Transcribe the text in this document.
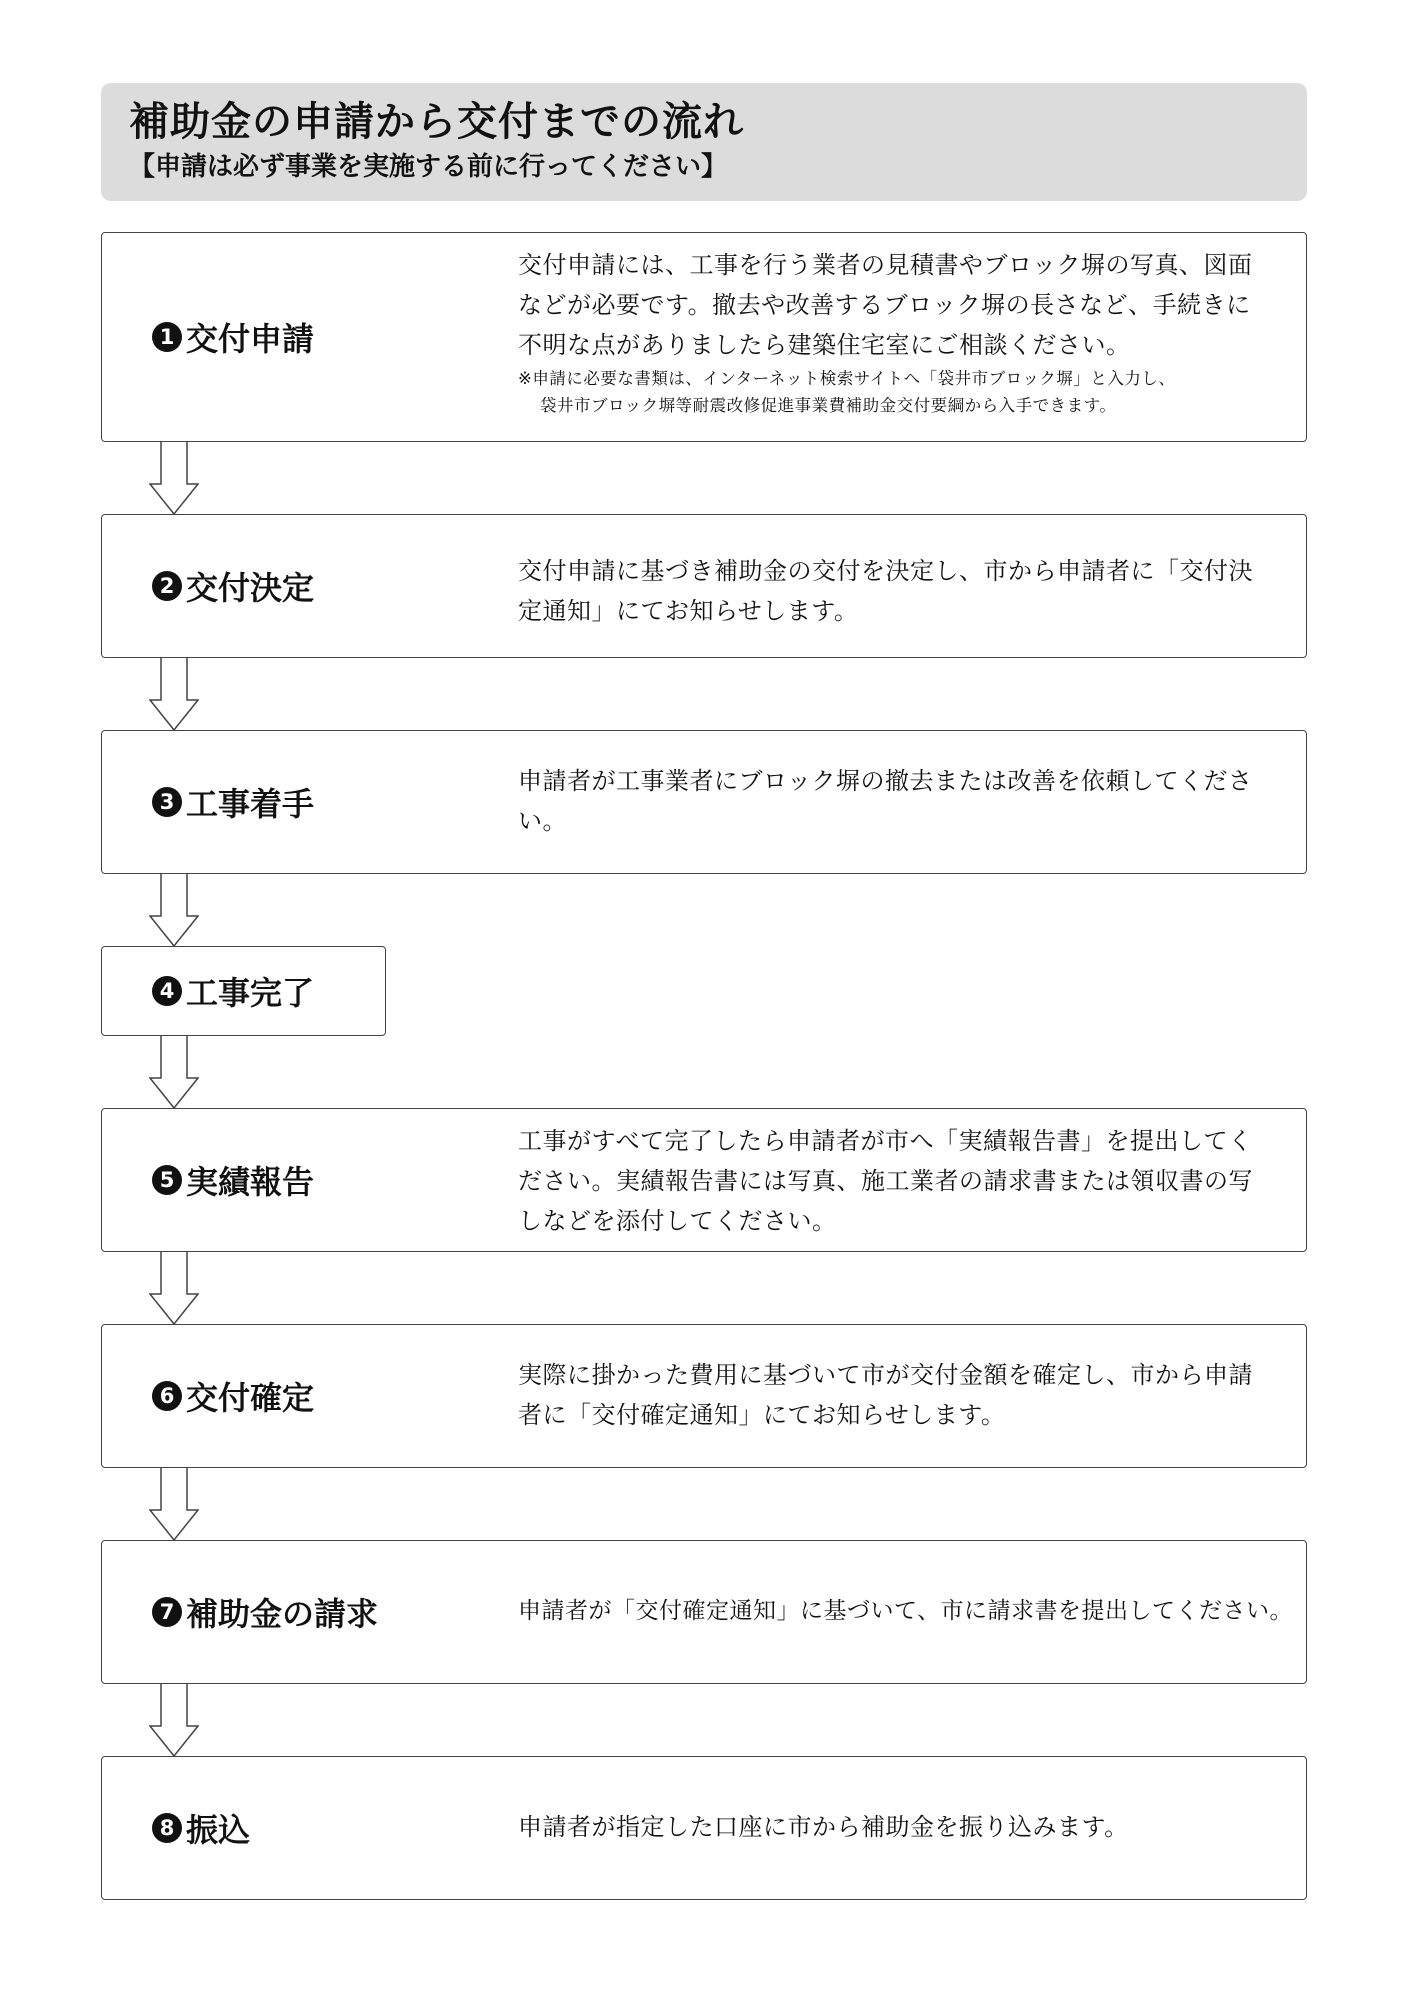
補助金の申請から交付までの流れ
【申請は必ず事業を実施する前に行ってください】
1 交付申請
交付申請には、工事を行う業者の見積書やブロック塀の写真、図面などが必要です。撤去や改善するブロック塀の長さなど、手続きに不明な点がありましたら建築住宅室にご相談ください。
※申請に必要な書類は、インターネット検索サイトへ「袋井市ブロック塀」と入力し、
袋井市ブロック塀等耐震改修促進事業費補助金交付要綱から入手できます。
2 交付決定	交付申請に基づき補助金の交付を決定し、市から申請者に「交付決定通知」にてお知らせします。
3 工事着手
申請者が工事業者にブロック塀の撤去または改善を依頼してください。
4 工事完了
5 実績報告
工事がすべて完了したら申請者が市へ「実績報告書」を提出してください。実績報告書には写真、施工業者の請求書または領収書の写しなどを添付してください。
6 交付確定
実際に掛かった費用に基づいて市が交付金額を確定し、市から申請者に「交付確定通知」にてお知らせします。
7 補助金の請求	申請者が「交付確定通知」に基づいて、市に請求書を提出してください。
8 振込	申請者が指定した口座に市から補助金を振り込みます。
